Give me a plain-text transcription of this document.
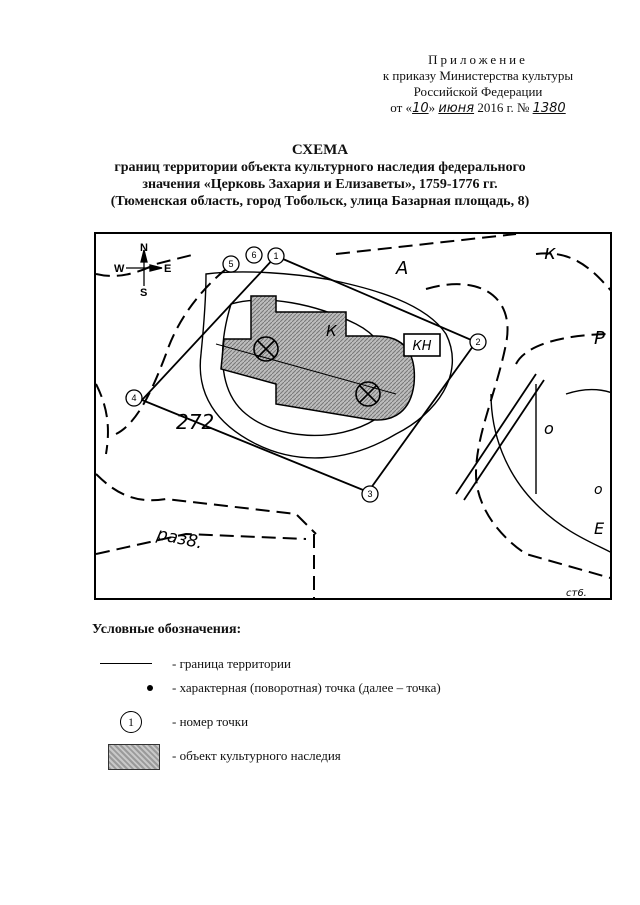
Приложение
к приказу Министерства культуры
Российской Федерации
от «10» июня 2016 г. № 1380
СХЕМА
границ территории объекта культурного наследия федерального
значения «Церковь Захария и Елизаветы», 1759-1776 гг.
(Тюменская область, город Тобольск, улица Базарная площадь, 8)
КН
К
N
S
E
W
1
2
3
4
5
6
272
раз8.
А
к
Р
Е
о
о
ст6.
Условные обозначения:
- граница территории
- характерная (поворотная) точка (далее – точка)
1	- номер точки
- объект культурного наследия
